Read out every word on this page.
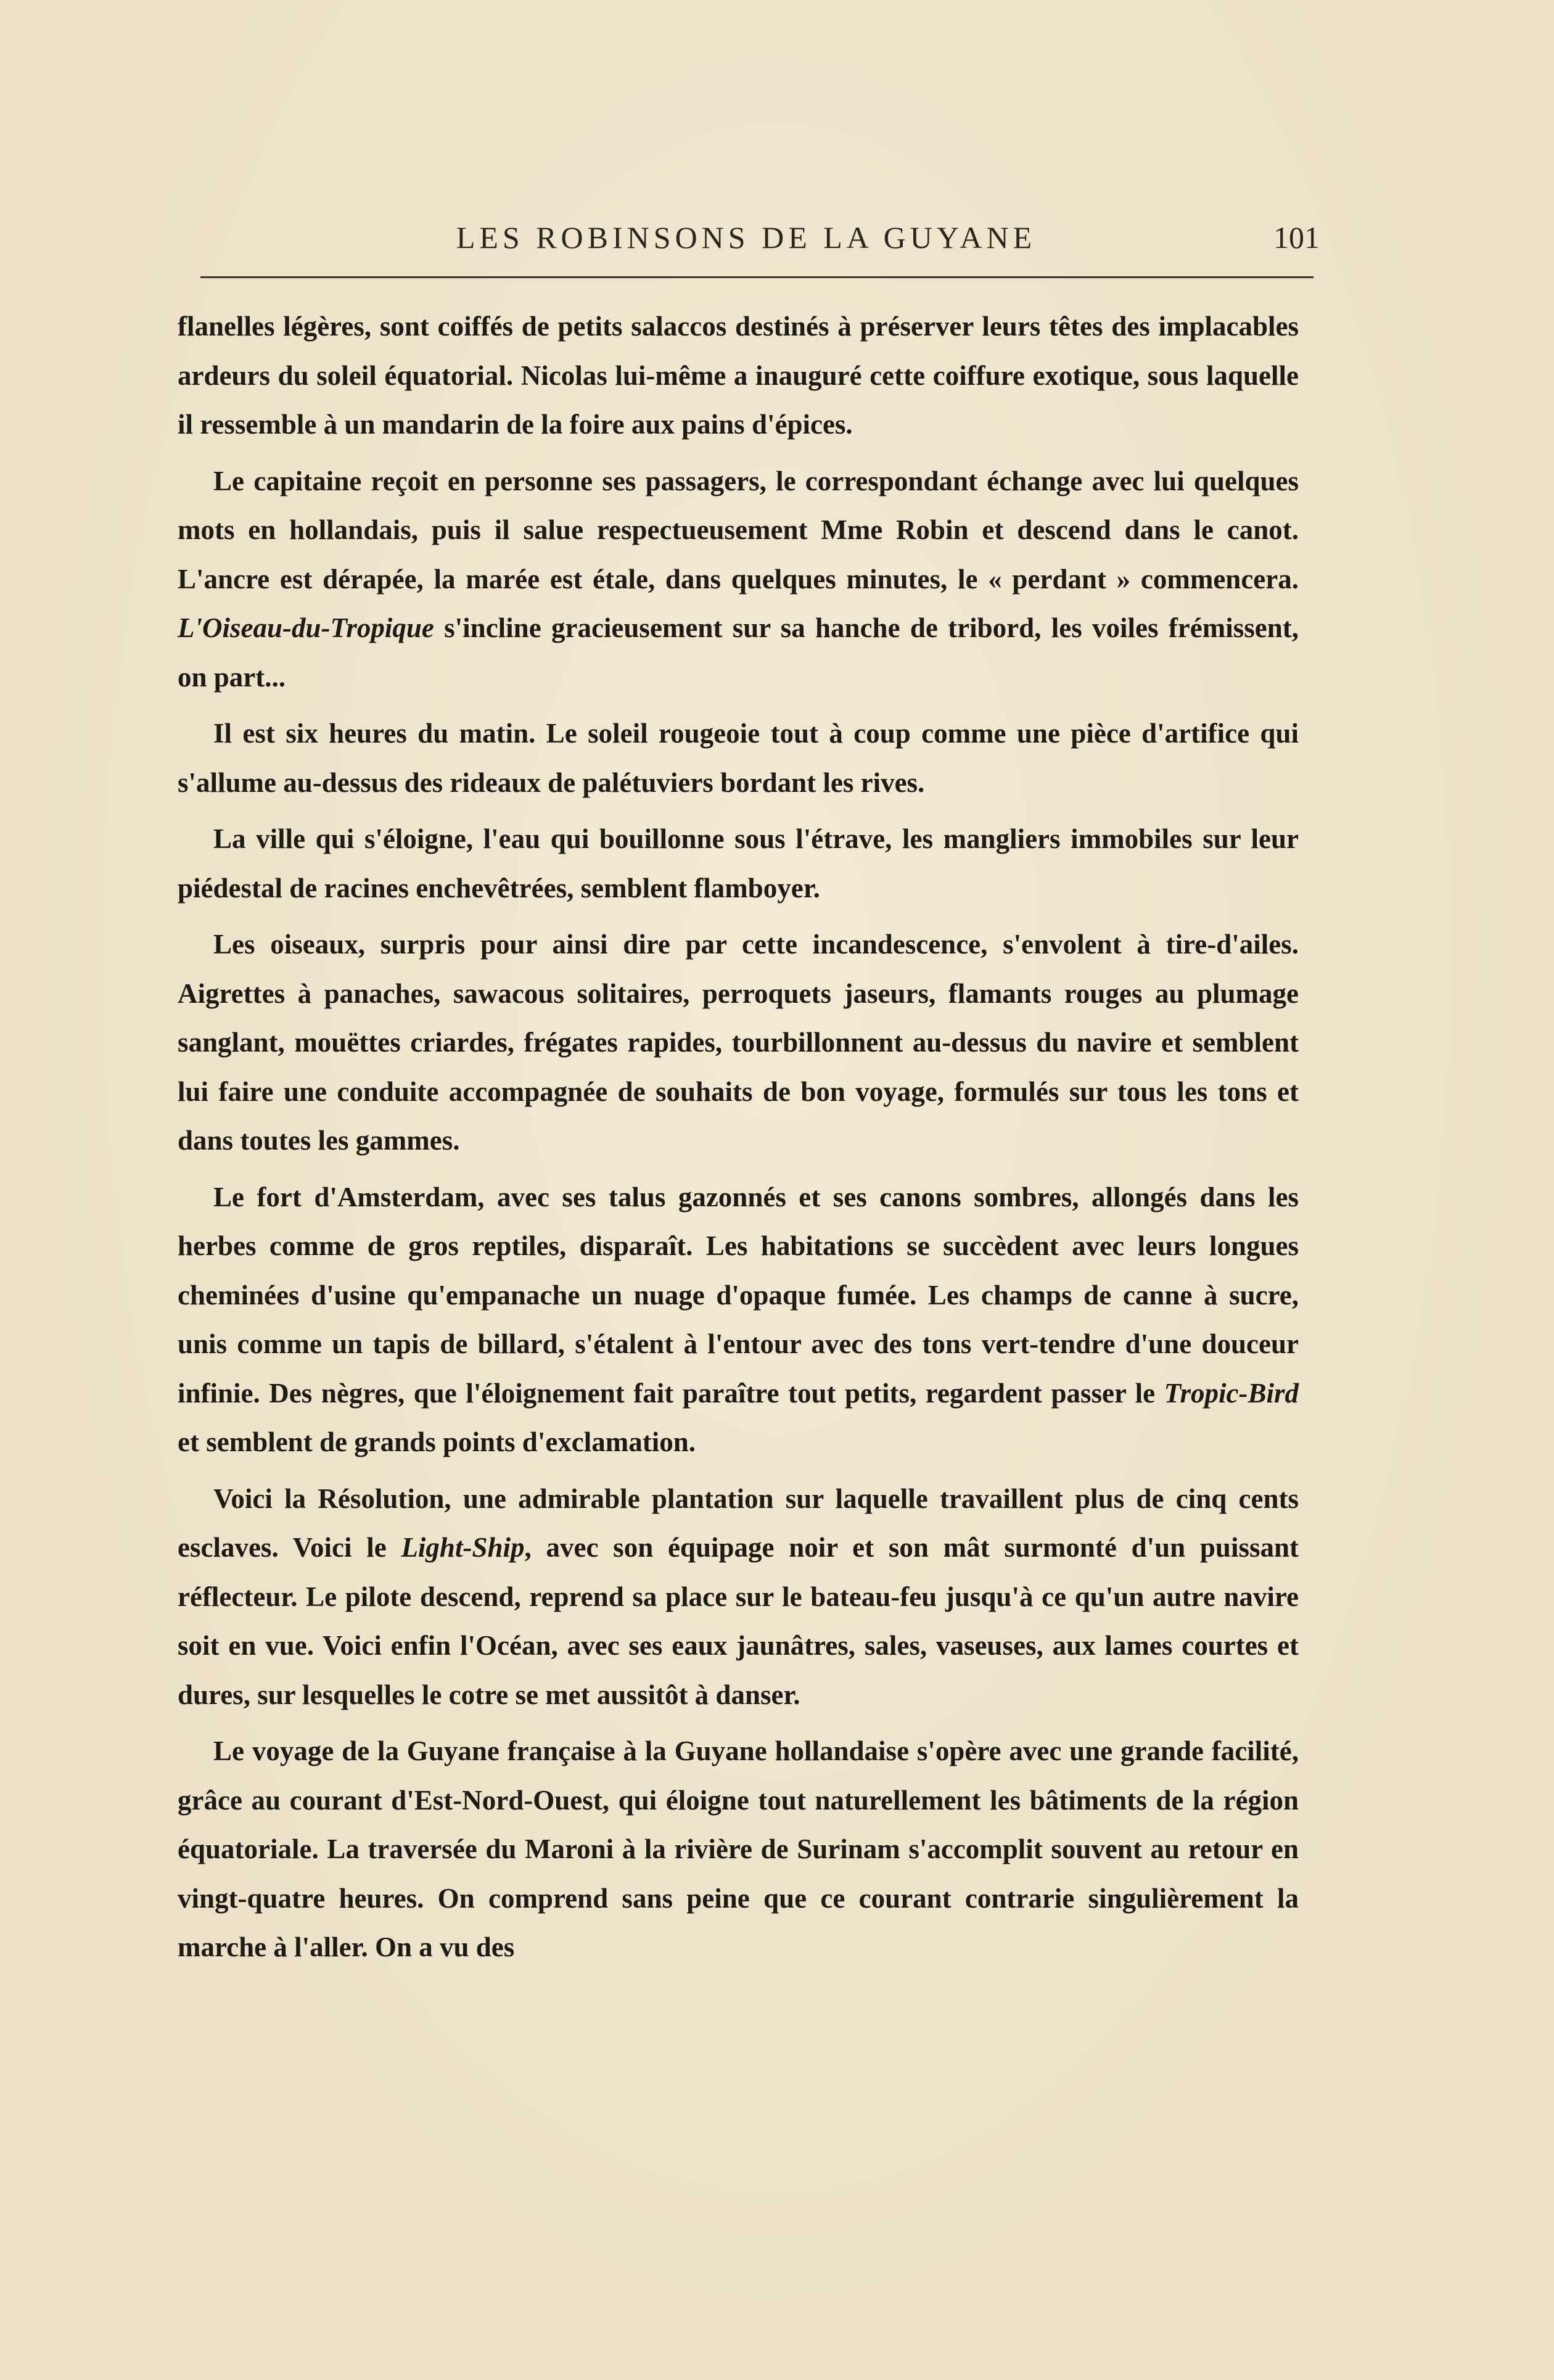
LES ROBINSONS DE LA GUYANE	101

flanelles légères, sont coiffés de petits salaccos destinés à préserver leurs têtes des implacables ardeurs du soleil équatorial. Nicolas lui-même a inauguré cette coiffure exotique, sous laquelle il ressemble à un mandarin de la foire aux pains d'épices.

Le capitaine reçoit en personne ses passagers, le correspondant échange avec lui quelques mots en hollandais, puis il salue respectueusement Mme Robin et descend dans le canot. L'ancre est dérapée, la marée est étale, dans quelques minutes, le « perdant » commencera. L'Oiseau-du-Tropique s'incline gracieusement sur sa hanche de tribord, les voiles frémissent, on part...

Il est six heures du matin. Le soleil rougeoie tout à coup comme une pièce d'artifice qui s'allume au-dessus des rideaux de palétuviers bordant les rives.

La ville qui s'éloigne, l'eau qui bouillonne sous l'étrave, les mangliers immobiles sur leur piédestal de racines enchevêtrées, semblent flamboyer.

Les oiseaux, surpris pour ainsi dire par cette incandescence, s'envolent à tire-d'ailes. Aigrettes à panaches, sawacous solitaires, perroquets jaseurs, flamants rouges au plumage sanglant, mouëttes criardes, frégates rapides, tourbillonnent au-dessus du navire et semblent lui faire une conduite accompagnée de souhaits de bon voyage, formulés sur tous les tons et dans toutes les gammes.

Le fort d'Amsterdam, avec ses talus gazonnés et ses canons sombres, allongés dans les herbes comme de gros reptiles, disparaît. Les habitations se succèdent avec leurs longues cheminées d'usine qu'empanache un nuage d'opaque fumée. Les champs de canne à sucre, unis comme un tapis de billard, s'étalent à l'entour avec des tons vert-tendre d'une douceur infinie. Des nègres, que l'éloignement fait paraître tout petits, regardent passer le Tropic-Bird et semblent de grands points d'exclamation.

Voici la Résolution, une admirable plantation sur laquelle travaillent plus de cinq cents esclaves. Voici le Light-Ship, avec son équipage noir et son mât surmonté d'un puissant réflecteur. Le pilote descend, reprend sa place sur le bateau-feu jusqu'à ce qu'un autre navire soit en vue. Voici enfin l'Océan, avec ses eaux jaunâtres, sales, vaseuses, aux lames courtes et dures, sur lesquelles le cotre se met aussitôt à danser.

Le voyage de la Guyane française à la Guyane hollandaise s'opère avec une grande facilité, grâce au courant d'Est-Nord-Ouest, qui éloigne tout naturellement les bâtiments de la région équatoriale. La traversée du Maroni à la rivière de Surinam s'accomplit souvent au retour en vingt-quatre heures. On comprend sans peine que ce courant contrarie singulièrement la marche à l'aller. On a vu des
